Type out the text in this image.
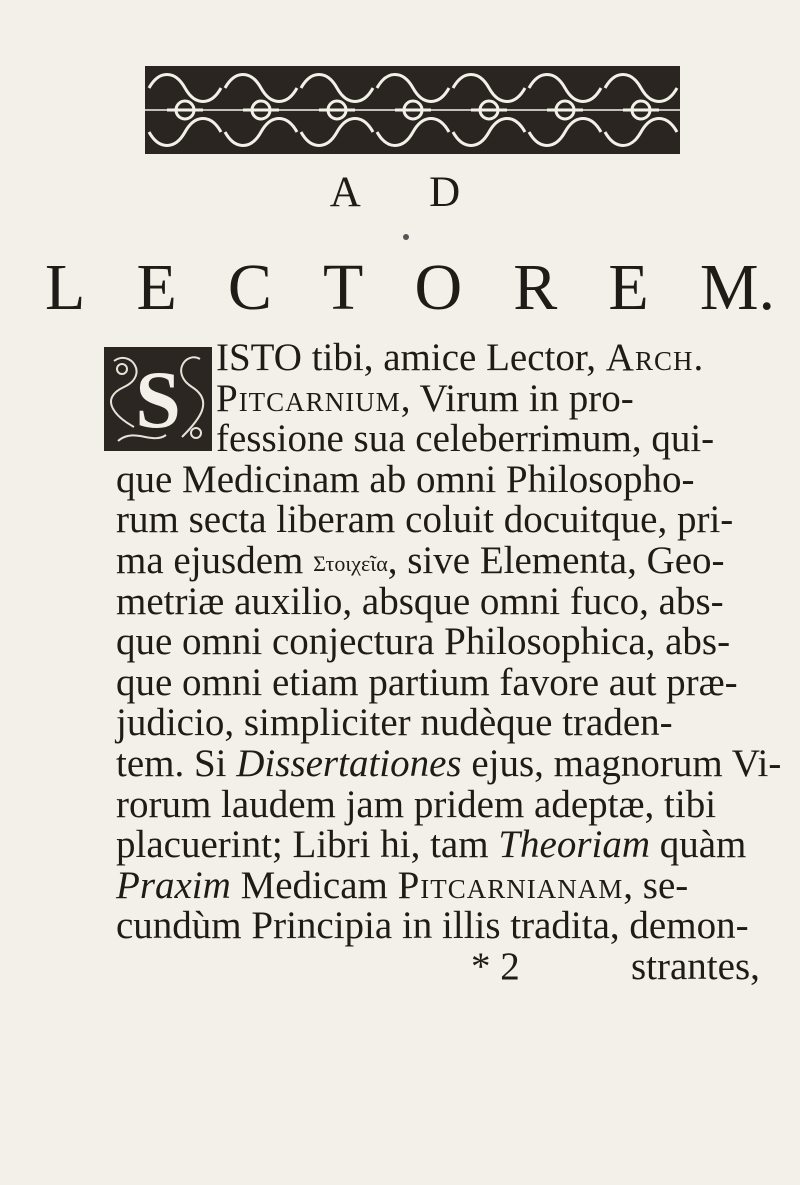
A D
L E C T O R E M.
S ISTO tibi, amice Lector, Arch.
Pitcarnium, Virum in pro-
fessione sua celeberrimum, qui-
que Medicinam ab omni Philosopho-
rum secta liberam coluit docuitque, pri-
ma ejusdem Στοιχεῖα, sive Elementa, Geo-
metriæ auxilio, absque omni fuco, abs-
que omni conjectura Philosophica, abs-
que omni etiam partium favore aut præ-
judicio, simpliciter nudèque traden-
tem. Si Dissertationes ejus, magnorum Vi-
rorum laudem jam pridem adeptæ, tibi
placuerint; Libri hi, tam Theoriam quàm
Praxim Medicam Pitcarnianam, se-
cundùm Principia in illis tradita, demon-
* 2	strantes,
